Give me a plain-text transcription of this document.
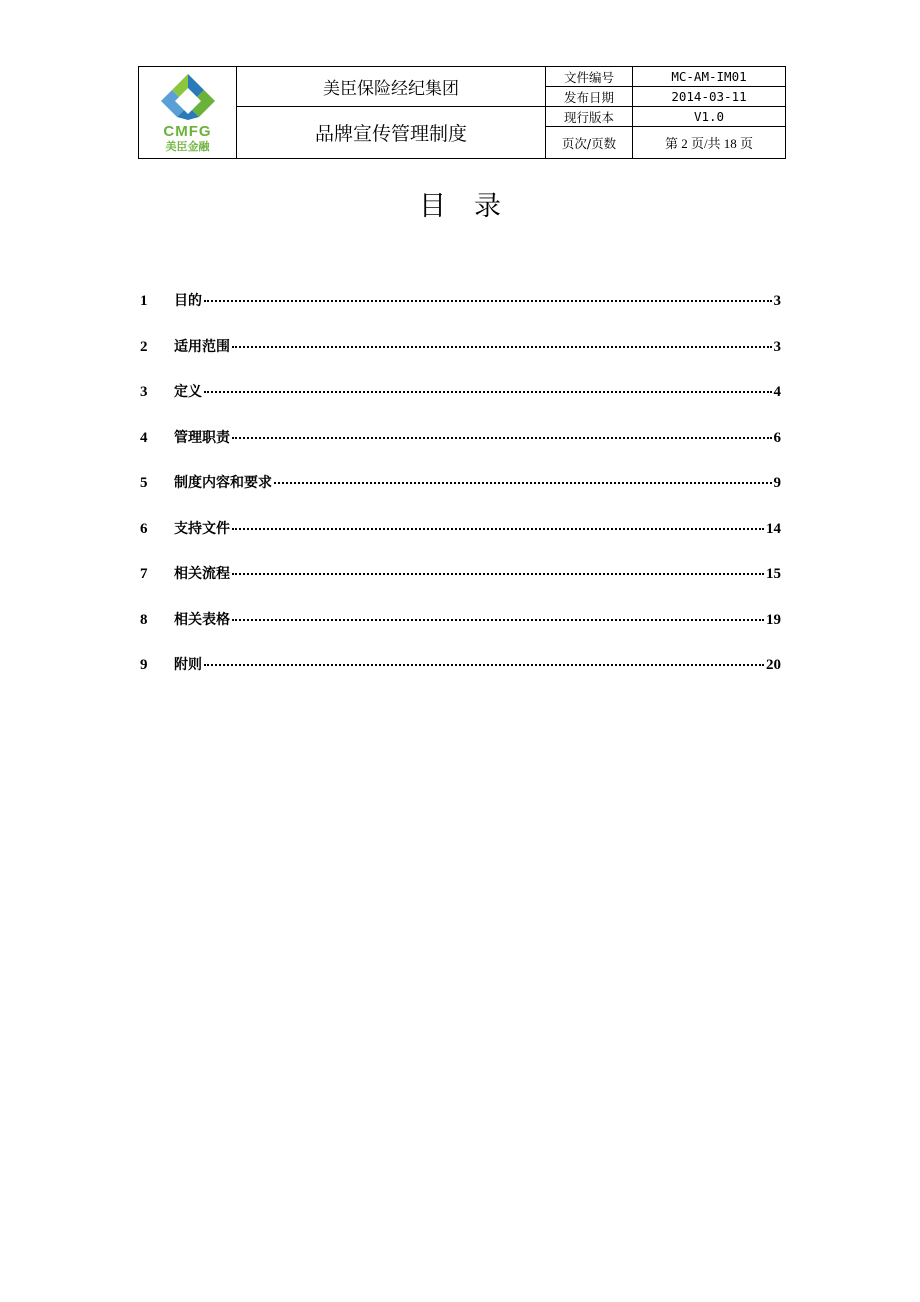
CMFG
美臣金融	美臣保险经纪集团	文件编号	MC-AM-IM01
		发布日期	2014-03-11
	品牌宣传管理制度	现行版本	V1.0
		页次/页数	第 2 页/共 18 页
目录
1	目的	3
2	适用范围	3
3	定义	4
4	管理职责	6
5	制度内容和要求	9
6	支持文件	14
7	相关流程	15
8	相关表格	19
9	附则	20
